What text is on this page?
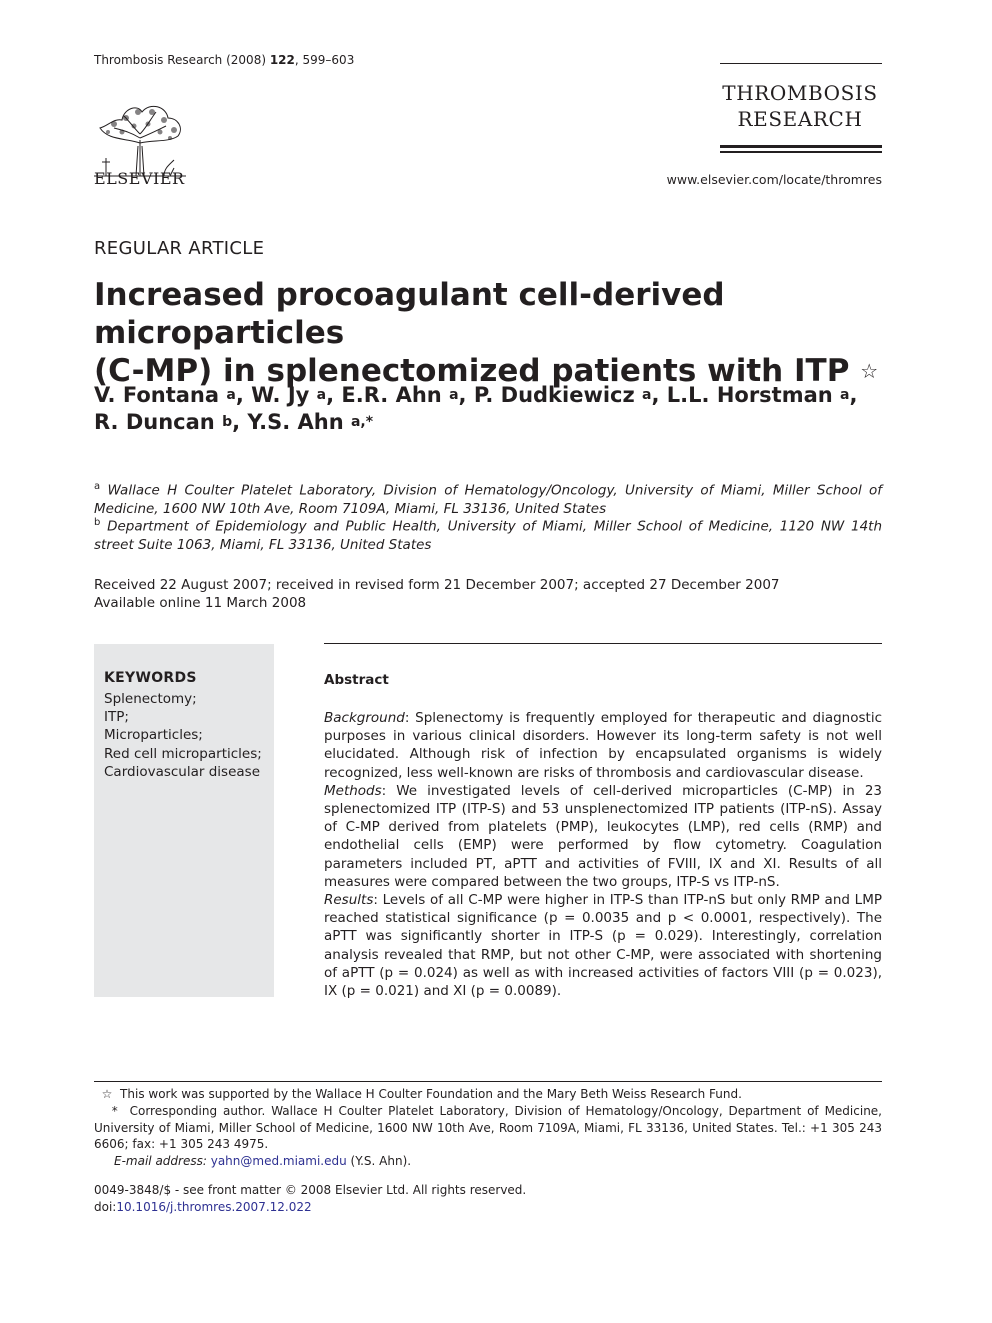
Thrombosis Research (2008) 122, 599–603
ELSEVIER
THROMBOSIS
RESEARCH
www.elsevier.com/locate/thromres
REGULAR ARTICLE
Increased procoagulant cell-derived microparticles
(C-MP) in splenectomized patients with ITP ☆
V. Fontana $^a$, W. Jy $^a$, E.R. Ahn $^a$, P. Dudkiewicz $^a$, L.L. Horstman $^a$,
R. Duncan $^b$, Y.S. Ahn $^{a,*}$
$^a$ Wallace H Coulter Platelet Laboratory, Division of Hematology/Oncology, University of Miami, Miller School of Medicine, 1600 NW 10th Ave, Room 7109A, Miami, FL 33136, United States
$^b$ Department of Epidemiology and Public Health, University of Miami, Miller School of Medicine, 1120 NW 14th street Suite 1063, Miami, FL 33136, United States
Received 22 August 2007; received in revised form 21 December 2007; accepted 27 December 2007
Available online 11 March 2008
KEYWORDS
Splenectomy;
ITP;
Microparticles;
Red cell microparticles;
Cardiovascular disease
Abstract

Background: Splenectomy is frequently employed for therapeutic and diagnostic purposes in various clinical disorders. However its long-term safety is not well elucidated. Although risk of infection by encapsulated organisms is widely recognized, less well-known are risks of thrombosis and cardiovascular disease.

Methods: We investigated levels of cell-derived microparticles (C-MP) in 23 splenectomized ITP (ITP-S) and 53 unsplenectomized ITP patients (ITP-nS). Assay of C-MP derived from platelets (PMP), leukocytes (LMP), red cells (RMP) and endothelial cells (EMP) were performed by flow cytometry. Coagulation parameters included PT, aPTT and activities of FVIII, IX and XI. Results of all measures were compared between the two groups, ITP-S vs ITP-nS.

Results: Levels of all C-MP were higher in ITP-S than ITP-nS but only RMP and LMP reached statistical significance (p = 0.0035 and p < 0.0001, respectively). The aPTT was significantly shorter in ITP-S (p = 0.029). Interestingly, correlation analysis revealed that RMP, but not other C-MP, were associated with shortening of aPTT (p = 0.024) as well as with increased activities of factors VIII (p = 0.023), IX (p = 0.021) and XI (p = 0.0089).

☆ This work was supported by the Wallace H Coulter Foundation and the Mary Beth Weiss Research Fund.
* Corresponding author. Wallace H Coulter Platelet Laboratory, Division of Hematology/Oncology, Department of Medicine, University of Miami, Miller School of Medicine, 1600 NW 10th Ave, Room 7109A, Miami, FL 33136, United States. Tel.: +1 305 243 6606; fax: +1 305 243 4975.
E-mail address: yahn@med.miami.edu (Y.S. Ahn).
0049-3848/$ - see front matter © 2008 Elsevier Ltd. All rights reserved.
doi:10.1016/j.thromres.2007.12.022
